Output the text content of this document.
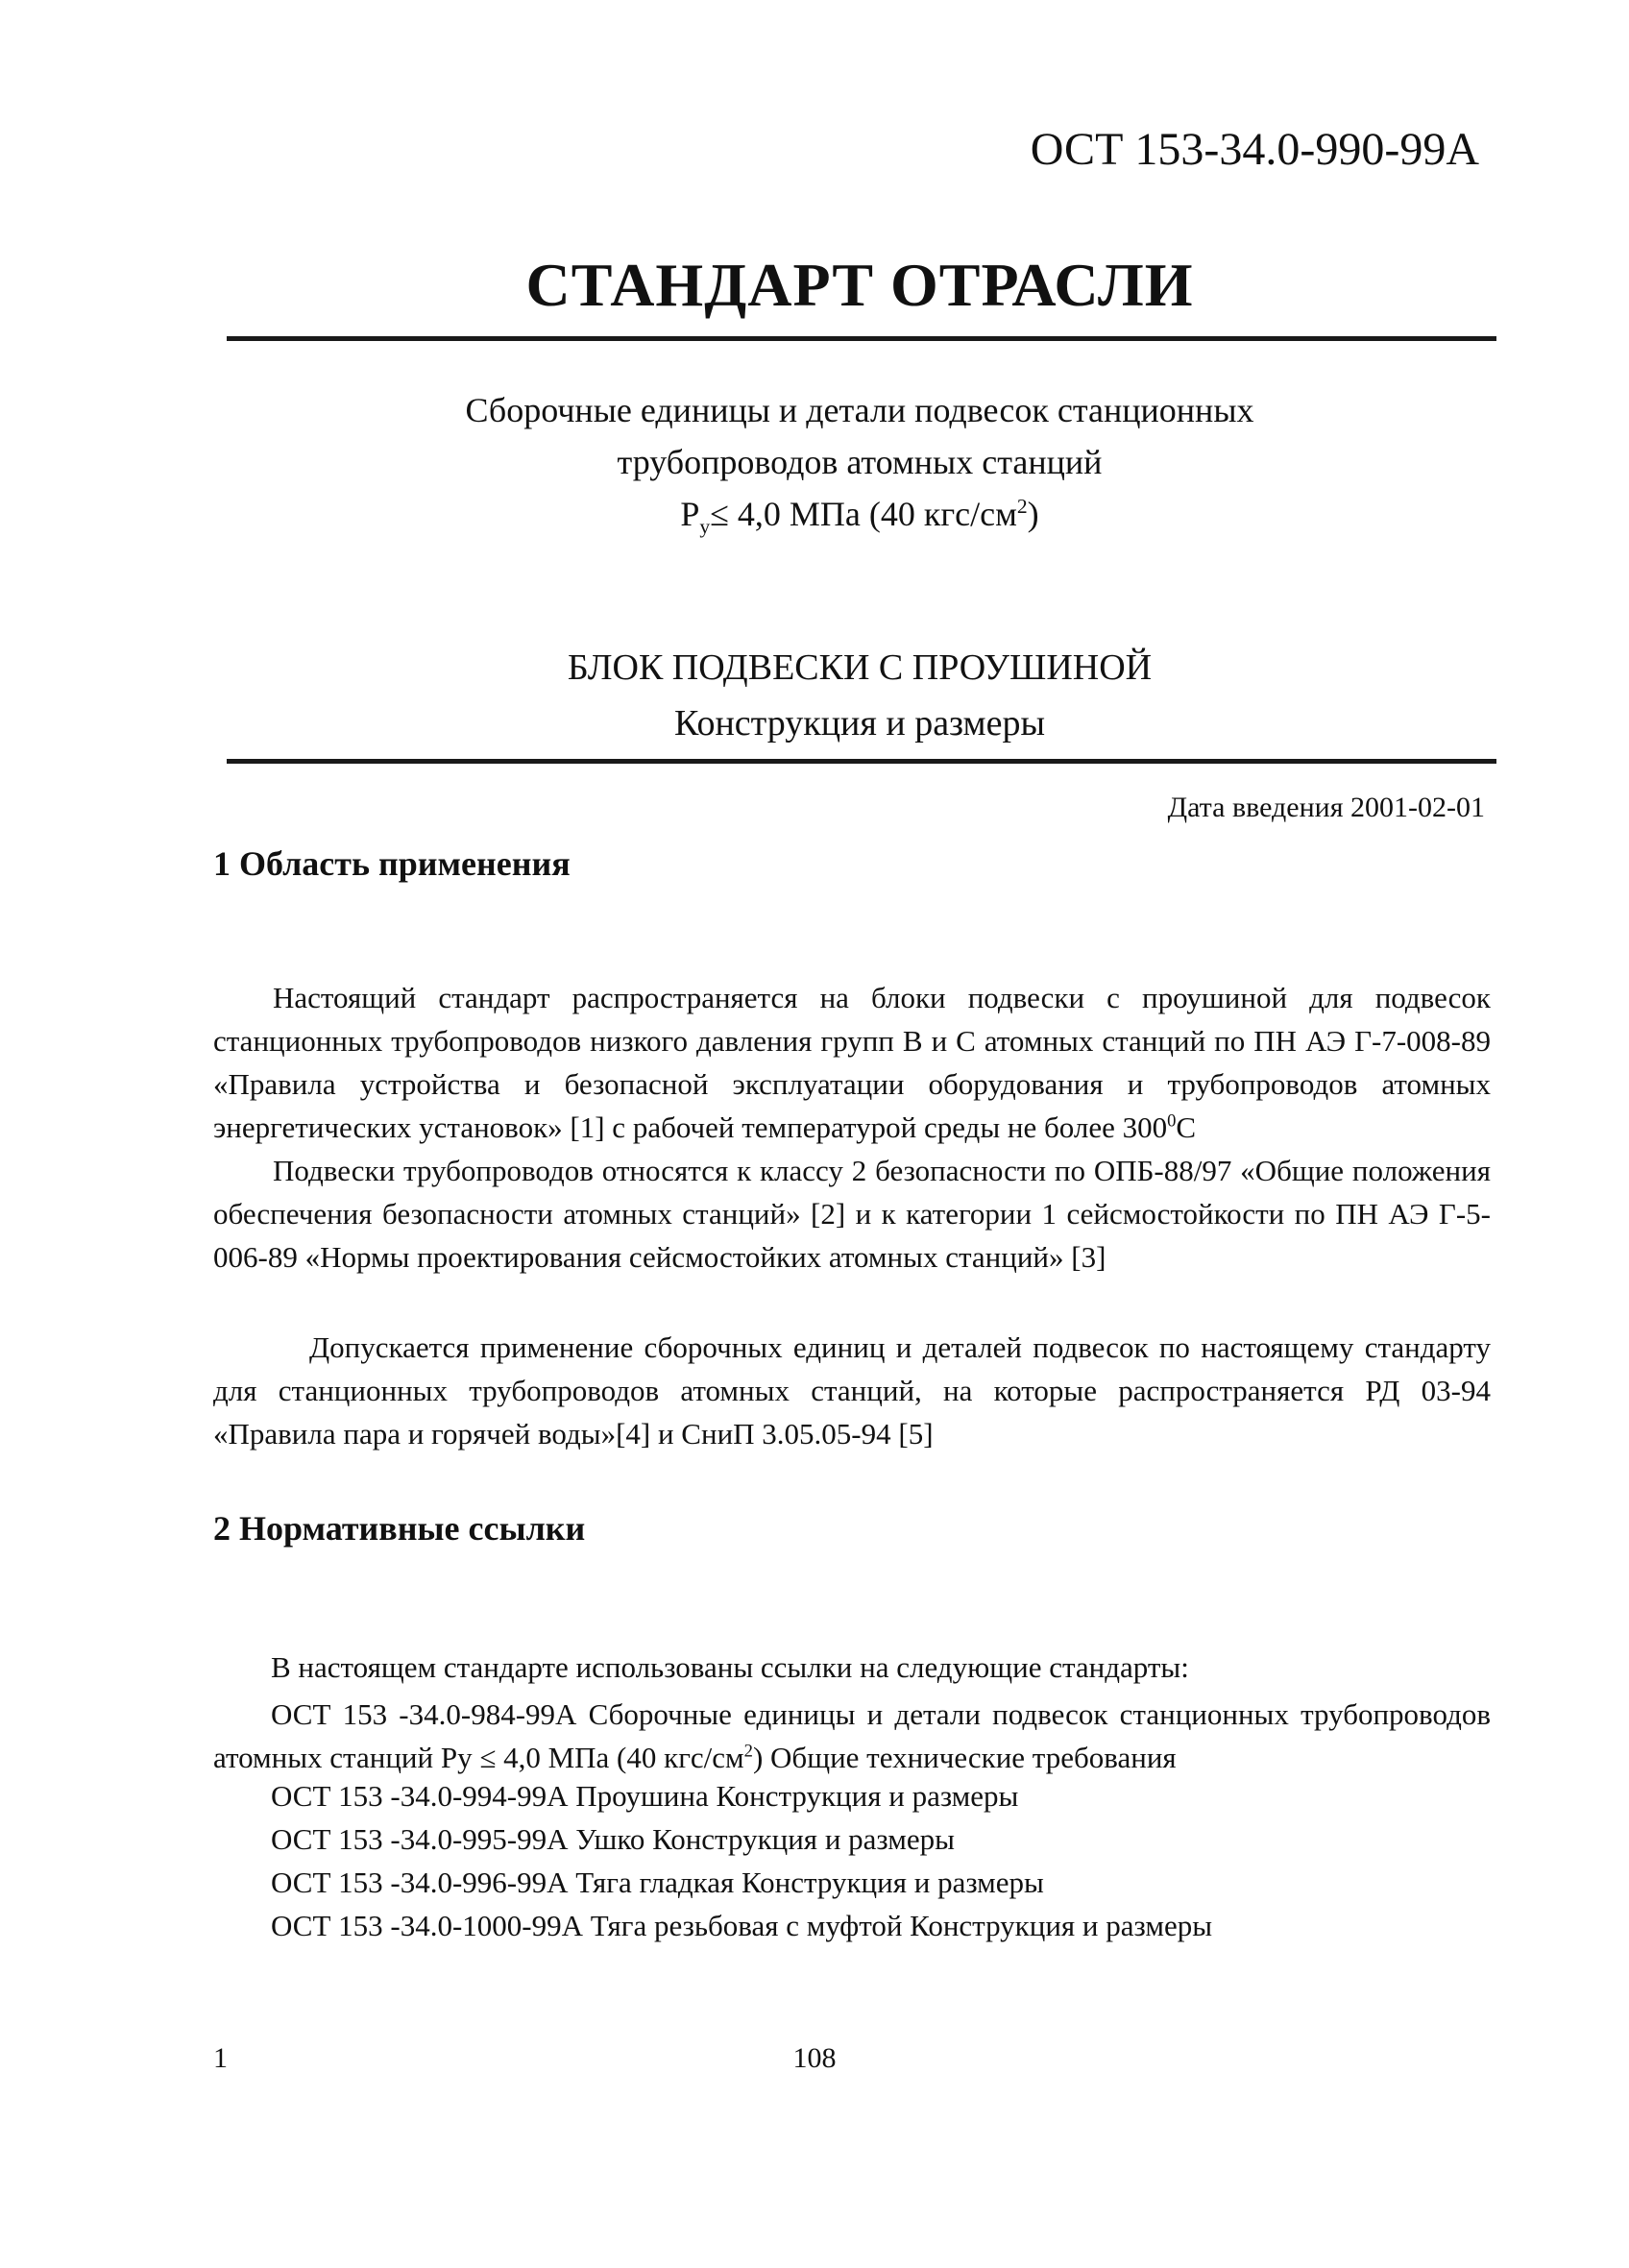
ОСТ 153-34.0-990-99А
СТАНДАРТ ОТРАСЛИ
Сборочные единицы и детали подвесок станционных
трубопроводов атомных станций
$P_y\le 4,0$ МПа (40 кгс/$см^2$)
БЛОК ПОДВЕСКИ С ПРОУШИНОЙ
Конструкция и размеры
Дата введения 2001-02-01
1 Область применения

Настоящий стандарт распространяется на блоки подвески с проушиной для подвесок станционных трубопроводов низкого давления групп В и С атомных станций по ПН АЭ Г-7-008-89 «Правила устройства и безопасной эксплуатации оборудования и трубопроводов атомных энергетических установок» [1] с рабочей температурой среды не более $300^0С$

Подвески трубопроводов относятся к классу 2 безопасности по ОПБ-88/97 «Общие положения обеспечения безопасности атомных станций» [2] и к категории 1 сейсмостойкости по ПН АЭ Г-5-006-89 «Нормы проектирования сейсмостойких атомных станций» [3]

Допускается применение сборочных единиц и деталей подвесок по настоящему стандарту для станционных трубопроводов атомных станций, на которые распространяется РД 03-94 «Правила пара и горячей воды»[4] и СниП 3.05.05-94 [5]

2 Нормативные ссылки
В настоящем стандарте использованы ссылки на следующие стандарты:
ОСТ 153 -34.0-984-99А Сборочные единицы и детали подвесок станционных трубопроводов атомных станций Ру ≤ 4,0 МПа (40 кгс/$см^2$) Общие технические требования
ОСТ 153 -34.0-994-99А Проушина Конструкция и размеры
ОСТ 153 -34.0-995-99А Ушко Конструкция и размеры
ОСТ 153 -34.0-996-99А Тяга гладкая Конструкция и размеры
ОСТ 153 -34.0-1000-99А Тяга резьбовая с муфтой Конструкция и размеры
1	108
